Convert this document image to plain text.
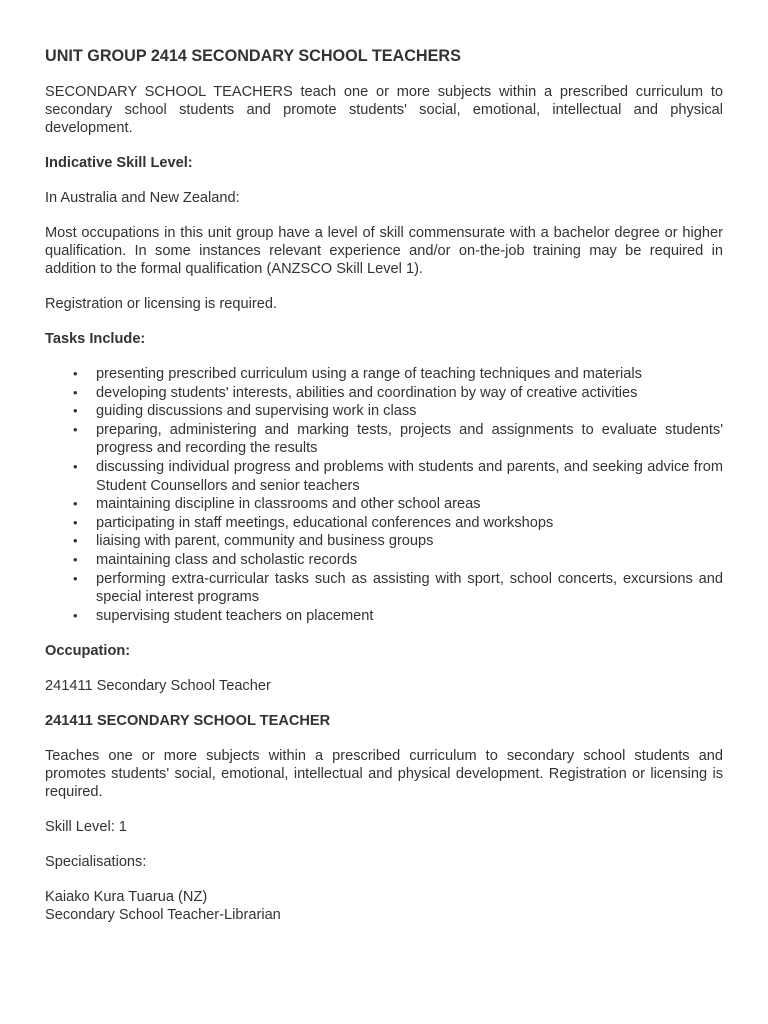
UNIT GROUP 2414 SECONDARY SCHOOL TEACHERS

SECONDARY SCHOOL TEACHERS teach one or more subjects within a prescribed curriculum to secondary school students and promote students' social, emotional, intellectual and physical development.

Indicative Skill Level:

In Australia and New Zealand:

Most occupations in this unit group have a level of skill commensurate with a bachelor degree or higher qualification. In some instances relevant experience and/or on-the-job training may be required in addition to the formal qualification (ANZSCO Skill Level 1).

Registration or licensing is required.

Tasks Include:

• presenting prescribed curriculum using a range of teaching techniques and materials
• developing students' interests, abilities and coordination by way of creative activities
• guiding discussions and supervising work in class
• preparing, administering and marking tests, projects and assignments to evaluate students' progress and recording the results
• discussing individual progress and problems with students and parents, and seeking advice from Student Counsellors and senior teachers
• maintaining discipline in classrooms and other school areas
• participating in staff meetings, educational conferences and workshops
• liaising with parent, community and business groups
• maintaining class and scholastic records
• performing extra-curricular tasks such as assisting with sport, school concerts, excursions and special interest programs
• supervising student teachers on placement

Occupation:

241411 Secondary School Teacher

241411 SECONDARY SCHOOL TEACHER

Teaches one or more subjects within a prescribed curriculum to secondary school students and promotes students' social, emotional, intellectual and physical development. Registration or licensing is required.

Skill Level: 1

Specialisations:

Kaiako Kura Tuarua (NZ)

Secondary School Teacher-Librarian
